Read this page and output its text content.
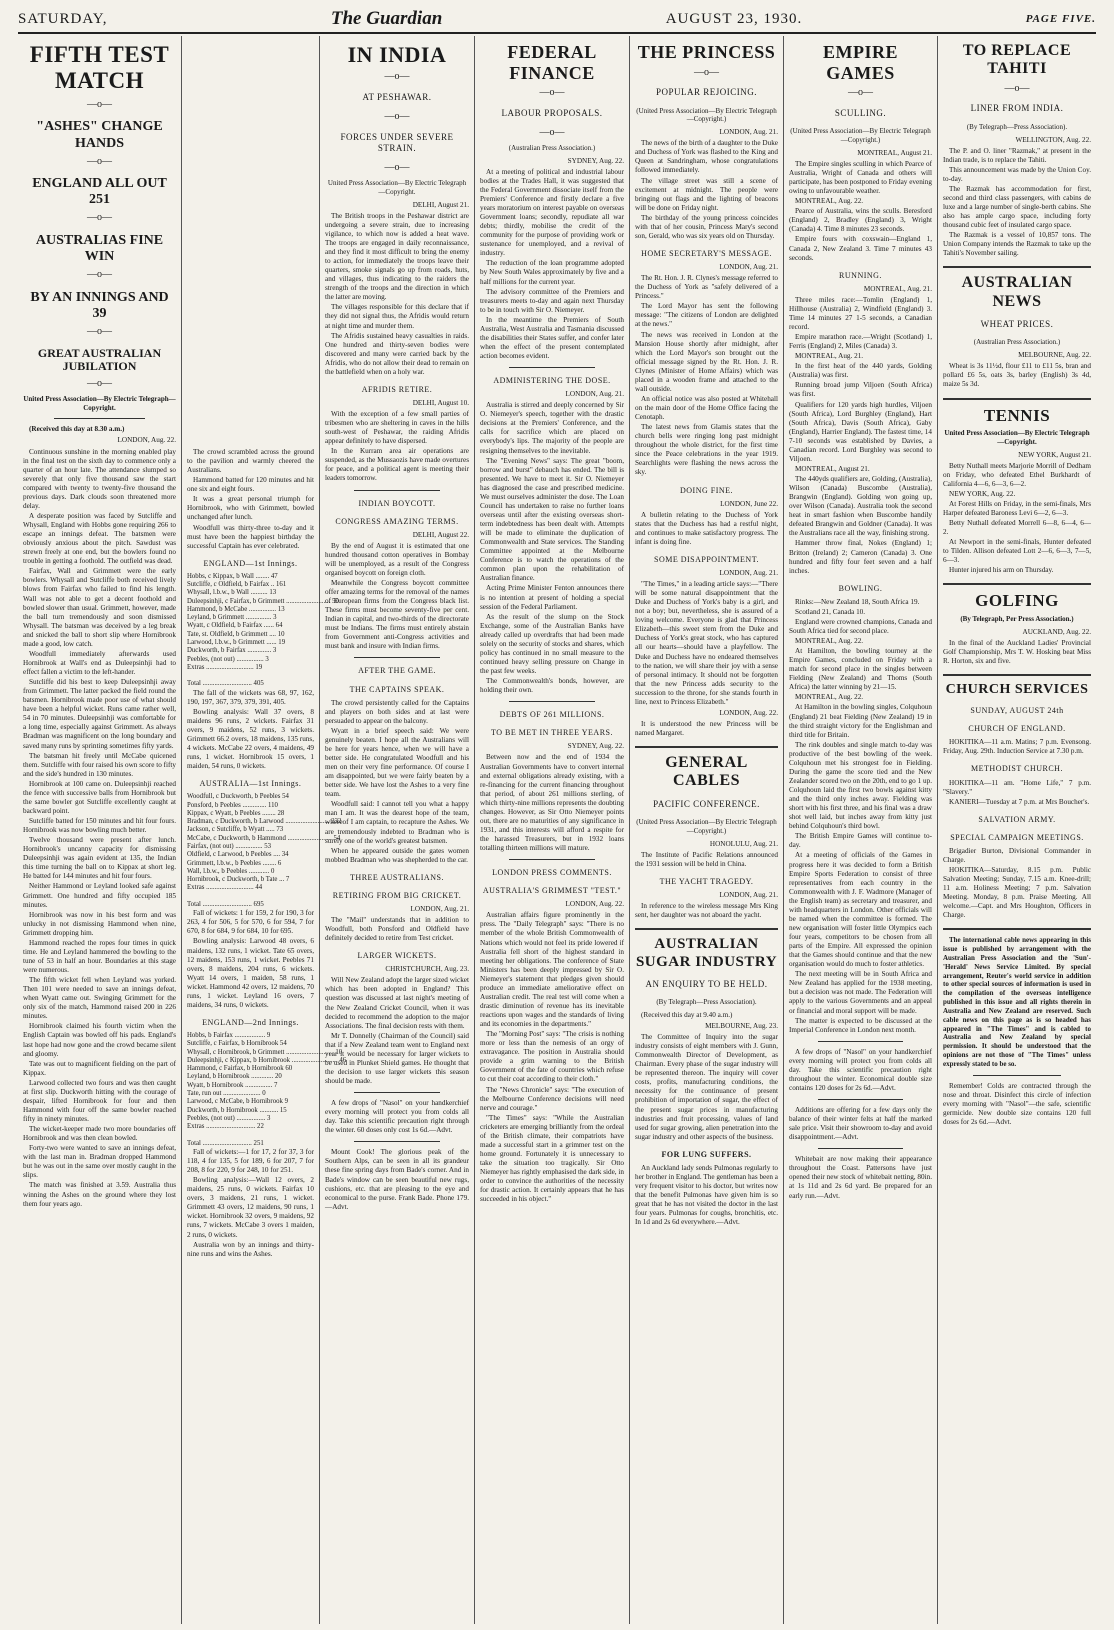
SATURDAY,	The Guardian	AUGUST 23, 1930.	PAGE FIVE.
FIFTH TEST MATCH
—o—
"ASHES" CHANGE HANDS
—o—
ENGLAND ALL OUT 251
—o—
AUSTRALIAS FINE WIN
—o—
BY AN INNINGS AND 39
—o—
GREAT AUSTRALIAN JUBILATION
—o—
United Press Association—By Electric Telegraph—Copyright.

(Received this day at 8.30 a.m.)

LONDON, Aug. 22.

Continuous sunshine in the morning enabled play in the final test on the sixth day to commence only a quarter of an hour late. The attendance slumped so severely that only five thousand saw the start compared with twenty to twenty-five thousand the previous days. Dark clouds soon threatened more delay.

A desperate position was faced by Sutcliffe and Whysall, England with Hobbs gone requiring 266 to escape an innings defeat. The batsmen were obviously anxious about the pitch. Sawdust was strewn freely at one end, but the bowlers found no trouble in getting a foothold. The outfield was dead.

Fairfax, Wall and Grimmett were the early bowlers. Whysall and Sutcliffe both received lively blows from Fairfax who failed to find his length. Wall was not able to get a decent foothold and bowled slower than usual. Grimmett, however, made the ball turn tremendously and soon dismissed Whysall. The batsman was deceived by a leg break and snicked the ball to short slip where Hornibrook made a good, low catch.

Woodfull immediately afterwards used Hornibrook at Wall's end as Duleepsinhji had to effect fallen a victim to the left-hander.

Sutcliffe did his best to keep Duleepsinhji away from Grimmett. The latter packed the field round the batsmen. Hornibrook made poor use of what should have been a helpful wicket. Runs came rather well, 54 in 70 minutes. Duleepsinhji was comfortable for a long time, especially against Grimmett. As always Bradman was magnificent on the long boundary and saved many runs by sprinting sometimes fifty yards.

The batsman hit freely until McCabe quicened them. Sutcliffe with four raised his own score to fifty and the side's hundred in 130 minutes.

Hornibrook at 100 came on. Duleepsinhji reached the fence with successive balls from Hornibrook but the same bowler got Sutcliffe excellently caught at backward point.

Sutcliffe batted for 150 minutes and hit four fours. Hornibrook was now bowling much better.

Twelve thousand were present after lunch. Hornibrook's uncanny capacity for dismissing Duleepsinhji was again evident at 135, the Indian this time turning the ball on to Kippax at short leg. He batted for 144 minutes and hit four fours.

Neither Hammond or Leyland looked safe against Grimmett. One hundred and fifty occupied 185 minutes.

Hornibrook was now in his best form and was unlucky in not dismissing Hammond when nine, Grimmett dropping him.

Hammond reached the ropes four times in quick time. He and Leyland hammered the bowling to the tune of 53 in half an hour. Boundaries at this stage were numerous.

The fifth wicket fell when Leyland was yorked. Then 101 were needed to save an innings defeat, when Wyatt came out. Swinging Grimmett for the only six of the match, Hammond raised 200 in 226 minutes.

Hornibrook claimed his fourth victim when the English Captain was bowled off his pads. England's last hope had now gone and the crowd became silent and gloomy.

Tate was out to magnificent fielding on the part of Kippax.

Larwood collected two fours and was then caught at first slip. Duckworth hitting with the courage of despair, lifted Hornibrook for four and then Hammond with four off the same bowler reached fifty in ninety minutes.

The wicket-keeper made two more boundaries off Hornibrook and was then clean bowled.

Forty-two were wanted to save an innings defeat, with the last man in. Bradman dropped Hammond but he was out in the same over mostly caught in the slips.

The match was finished at 3.59. Australia thus winning the Ashes on the ground where they lost them four years ago.

The crowd scrambled across the ground to the pavilion and warmly cheered the Australians.

Hammond batted for 120 minutes and hit one six and eight fours.

It was a great personal triumph for Hornibrook, who with Grimmett, bowled unchanged after lunch.

Woodfull was thirty-three to-day and it must have been the happiest birthday the successful Captain has ever celebrated.

ENGLAND—1st Innings.
Hobbs, c Kippax, b Wall ........ 47
Sutcliffe, c Oldfield, b Fairfax .. 161
Whysall, l.b.w., b Wall .......... 13
Duleepsinhji, c Fairfax, b Grimmett .......................... 50
Hammond, b McCabe ................ 13
Leyland, b Grimmett ............... 3
Wyatt, c Oldfield, b Fairfax ...... 64
Tate, st. Oldfield, b Grimmett .... 10
Larwood, l.b.w., b Grimmett ...... 19
Duckworth, b Fairfax .............. 3
Peebles, (not out) ................ 3
Extras ............................ 19

Total ............................. 405

The fall of the wickets was 68, 97, 162, 190, 197, 367, 379, 379, 391, 405.

Bowling analysis: Wall 37 overs, 8 maidens 96 runs, 2 wickets. Fairfax 31 overs, 9 maidens, 52 runs, 3 wickets. Grimmett 66.2 overs, 18 maidens, 135 runs, 4 wickets. McCabe 22 overs, 4 maidens, 49 runs, 1 wicket. Hornibrook 15 overs, 1 maiden, 54 runs, 0 wickets.

AUSTRALIA—1st Innings.
Woodfull, c Duckworth, b Peebles 54
Ponsford, b Peebles .............. 110
Kippax, c Wyatt, b Peebles ........ 28
Bradman, c Duckworth, b Larwood .......................... 232
Jackson, c Sutcliffe, b Wyatt ..... 73
McCabe, c Duckworth, b Hammond .......................... 54
Fairfax, (not out) ................ 53
Oldfield, c Larwood, b Peebles .... 34
Grimmett, l.b.w., b Peebles ........ 6
Wall, l.b.w., b Peebles ............ 0
Hornibrook, c Duckworth, b Tate ... 7
Extras ............................ 44

Total ............................. 695

Fall of wickets: 1 for 159, 2 for 190, 3 for 263, 4 for 506, 5 for 570, 6 for 594, 7 for 670, 8 for 684, 9 for 684, 10 for 695.

Bowling analysis: Larwood 48 overs, 6 maidens, 132 runs, 1 wicket. Tate 65 overs, 12 maidens, 153 runs, 1 wicket. Peebles 71 overs, 8 maidens, 204 runs, 6 wickets. Wyatt 14 overs, 1 maiden, 58 runs, 1 wicket. Hammond 42 overs, 12 maidens, 70 runs, 1 wicket. Leyland 16 overs, 7 maidens, 34 runs, 0 wickets.

ENGLAND—2nd Innings.
Hobbs, b Fairfax .................. 9
Sutcliffe, c Fairfax, b Hornibrook 54
Whysall, c Hornibrook, b Grimmett ............................ 10
Duleepsinhji, c Kippax, b Hornibrook ........................... 46
Hammond, c Fairfax, b Hornibrook 60
Leyland, b Hornibrook ............. 20
Wyatt, b Hornibrook ................ 7
Tate, run out ...................... 0
Larwood, c McCabe, b Hornibrook 9
Duckworth, b Hornibrook ........... 15
Peebles, (not out) ................. 3
Extras ............................. 22

Total ............................. 251

Fall of wickets:—1 for 17, 2 for 37, 3 for 118, 4 for 135, 5 for 189, 6 for 207, 7 for 208, 8 for 220, 9 for 248, 10 for 251.

Bowling analysis:—Wall 12 overs, 2 maidens, 25 runs, 0 wickets. Fairfax 10 overs, 3 maidens, 21 runs, 1 wicket. Grimmett 43 overs, 12 maidens, 90 runs, 1 wicket. Hornibrook 32 overs, 9 maidens, 92 runs, 7 wickets. McCabe 3 overs 1 maiden, 2 runs, 0 wickets.

Australia won by an innings and thirty-nine runs and wins the Ashes.

IN INDIA
—o—
AT PESHAWAR.
—o—
FORCES UNDER SEVERE STRAIN.
—o—
United Press Association—By Electric Telegraph—Copyright.
DELHI, August 21.

The British troops in the Peshawar district are undergoing a severe strain, due to increasing vigilance, to which now is added a heat wave. The troops are engaged in daily reconnaissance, and they find it most difficult to bring the enemy to action, for immediately the troops leave their quarters, smoke signals go up from roads, huts, and villages, thus indicating to the raiders the strength of the troops and the direction in which the latter are moving.

The villages responsible for this declare that if they did not signal thus, the Afridis would return at night time and murder them.

The Afridis sustained heavy casualties in raids. One hundred and thirty-seven bodies were discovered and many were carried back by the Afridis, who do not allow their dead to remain on the battlefield when on a holy war.

AFRIDIS RETIRE.
DELHI, August 10.

With the exception of a few small parties of tribesmen who are sheltering in caves in the hills south-west of Peshawar, the raiding Afridis appear definitely to have dispersed.

In the Kurram area air operations are suspended, as the Mussaozis have made overtures for peace, and a political agent is meeting their leaders tomorrow.

INDIAN BOYCOTT.
CONGRESS AMAZING TERMS.
DELHI, August 22.

By the end of August it is estimated that one hundred thousand cotton operatives in Bombay will be unemployed, as a result of the Congress organised boycott on foreign cloth.

Meanwhile the Congress boycott committee offer amazing terms for the removal of the names of European firms from the Congress black list. These firms must become seventy-five per cent. Indian in capital, and two-thirds of the directorate must be Indians. The firms must entirely abstain from Government anti-Congress activities and must bank and insure with Indian firms.

AFTER THE GAME.
THE CAPTAINS SPEAK.

The crowd persistently called for the Captains and players on both sides and at last were persuaded to appear on the balcony.

Wyatt in a brief speech said: We were genuinely beaten. I hope all the Australians will be here for years hence, when we will have a better side. He congratulated Woodfull and his men on their very fine performance. Of course I am disappointed, but we were fairly beaten by a better side. We have lost the Ashes to a very fine team.

Woodfull said: I cannot tell you what a happy man I am. It was the dearest hope of the team, whereof I am captain, to recapture the Ashes. We are tremendously indebted to Bradman who is surely one of the world's greatest batsmen.

When he appeared outside the gates women mobbed Bradman who was shepherded to the car.

THREE AUSTRALIANS.
RETIRING FROM BIG CRICKET.
LONDON, Aug. 21.

The "Mail" understands that in addition to Woodfull, both Ponsford and Oldfield have definitely decided to retire from Test cricket.

LARGER WICKETS.
CHRISTCHURCH, Aug. 23.

Will New Zealand adopt the larger sized wicket which has been adopted in England? This question was discussed at last night's meeting of the New Zealand Cricket Council, when it was decided to recommend the adoption to the major Associations. The final decision rests with them.

Mr T. Donnelly (Chairman of the Council) said that if a New Zealand team went to England next year it would be necessary for larger wickets to be used in Plunket Shield games. He thought that the decision to use larger wickets this season should be made.

A few drops of "Nasol" on your handkerchief every morning will protect you from colds all day. Take this scientific precaution right through the winter. 60 doses only cost 1s 6d.—Advt.

Mount Cook! The glorious peak of the Southern Alps, can be seen in all its grandeur these fine spring days from Bade's corner. And in Bade's window can be seen beautiful new rugs, cushions, etc. that are pleasing to the eye and economical to the purse. Frank Bade. Phone 179.—Advt.

FEDERAL FINANCE
—o—
LABOUR PROPOSALS.
—o—
(Australian Press Association.)
SYDNEY, Aug. 22.

At a meeting of political and industrial labour bodies at the Trades Hall, it was suggested that the Federal Government dissociate itself from the Premiers' Conference and firstly declare a five years moratorium on interest payable on overseas Government loans; secondly, repudiate all war debts; thirdly, mobilise the credit of the community for the purpose of providing work or sustenance for unemployed, and a revival of industry.

The reduction of the loan programme adopted by New South Wales approximately by five and a half millions for the current year.

The advisory committee of the Premiers and treasurers meets to-day and again next Thursday to be in touch with Sir O. Niemeyer.

In the meantime the Premiers of South Australia, West Australia and Tasmania discussed the disabilities their States suffer, and confer later when the effect of the present contemplated action becomes evident.

ADMINISTERING THE DOSE.
LONDON, Aug. 21.

Australia is stirred and deeply concerned by Sir O. Niemeyer's speech, together with the drastic decisions at the Premiers' Conference, and the calls for sacrifice which are placed on everybody's lips. The majority of the people are resigning themselves to the inevitable.

The "Evening News" says: The great "boom, borrow and burst" debauch has ended. The bill is presented. We have to meet it. Sir O. Niemeyer has diagnosed the case and prescribed medicine. We must ourselves administer the dose. The Loan Council has undertaken to raise no further loans overseas until after the existing overseas short-term indebtedness has been dealt with. Attempts will be made to eliminate the duplication of Commonwealth and State services. The Standing Committee appointed at the Melbourne Conference is to watch the operations of the common plan upon the rehabilitation of Australian finance.

Acting Prime Minister Fenton announces there is no intention at present of holding a special session of the Federal Parliament.

As the result of the slump on the Stock Exchange, some of the Australian Banks have already called up overdrafts that had been made solely on the security of stocks and shares, which policy has continued in no small measure to the continued heavy selling pressure on Change in the past few weeks.

The Commonwealth's bonds, however, are holding their own.

DEBTS OF 261 MILLIONS.
TO BE MET IN THREE YEARS.
SYDNEY, Aug. 22.

Between now and the end of 1934 the Australian Governments have to convert internal and external obligations already existing, with a re-financing for the current financing throughout that period, of about 261 millions sterling, of which thirty-nine millions represents the doubting changes. However, as Sir Otto Niemeyer points out, there are no maturities of any significance in 1931, and this interests will afford a respite for the harassed Treasurers, but in 1932 loans totalling thirteen millions will mature.

LONDON PRESS COMMENTS.
AUSTRALIA'S GRIMMEST "TEST."
LONDON, Aug. 22.

Australian affairs figure prominently in the press. The "Daily Telegraph" says: "There is no member of the whole British Commonwealth of Nations which would not feel its pride lowered if Australia fell short of the highest standard in meeting her obligations. The conference of State Ministers has been deeply impressed by Sir O. Niemeyer's statement that pledges given should produce an immediate ameliorative effect on Australian credit. The real test will come when a drastic diminution of revenue has its inevitable reactions upon wages and the standards of living and its economies in the departments."

The "Morning Post" says: "The crisis is nothing more or less than the nemesis of an orgy of extravagance. The position in Australia should provide a grim warning to the British Government of the fate of countries which refuse to cut their coat according to their cloth."

The "News Chronicle" says: "The execution of the Melbourne Conference decisions will need nerve and courage."

"The Times" says: "While the Australian cricketers are emerging brilliantly from the ordeal of the British climate, their compatriots have made a successful start in a grimmer test on the home ground. Fortunately it is unnecessary to take the situation too tragically. Sir Otto Niemeyer has rightly emphasised the dark side, in order to convince the authorities of the necessity for drastic action. It certainly appears that he has succeeded in his object."

THE PRINCESS
—o—
POPULAR REJOICING.
(United Press Association—By Electric Telegraph—Copyright.)
LONDON, Aug. 21.

The news of the birth of a daughter to the Duke and Duchess of York was flashed to the King and Queen at Sandringham, whose congratulations followed immediately.

The village street was still a scene of excitement at midnight. The people were bringing out flags and the lighting of beacons will be done on Friday night.

The birthday of the young princess coincides with that of her cousin, Princess Mary's second son, Gerald, who was six years old on Thursday.

HOME SECRETARY'S MESSAGE.
LONDON, Aug. 21.

The Rt. Hon. J. R. Clynes's message referred to the Duchess of York as "safely delivered of a Princess."

The Lord Mayor has sent the following message: "The citizens of London are delighted at the news."

The news was received in London at the Mansion House shortly after midnight, after which the Lord Mayor's son brought out the official message signed by the Rt. Hon. J. R. Clynes (Minister of Home Affairs) which was placed in a wooden frame and attached to the wall outside.

An official notice was also posted at Whitehall on the main door of the Home Office facing the Cenotaph.

The latest news from Glamis states that the church bells were ringing long past midnight throughout the whole district, for the first time since the Peace celebrations in the year 1919. Searchlights were flashing the news across the sky.

DOING FINE.
LONDON, June 22.

A bulletin relating to the Duchess of York states that the Duchess has had a restful night, and continues to make satisfactory progress. The infant is doing fine.

SOME DISAPPOINTMENT.
LONDON, Aug. 21.

"The Times," in a leading article says:—"There will be some natural disappointment that the Duke and Duchess of York's baby is a girl, and not a boy; but, nevertheless, she is assured of a loving welcome. Everyone is glad that Princess Elizabeth—this sweet stem from the Duke and Duchess of York's great stock, who has captured all our hearts—should have a playfellow. The Duke and Duchess have no endeared themselves to the nation, we will share their joy with a sense of personal intimacy. It should not be forgotten that the new Princess adds security to the succession to the throne, for she stands fourth in line, next to Princess Elizabeth."

LONDON, Aug. 22.

It is understood the new Princess will be named Margaret.

GENERAL CABLES
PACIFIC CONFERENCE.
(United Press Association—By Electric Telegraph—Copyright.)
HONOLULU, Aug. 21.

The Institute of Pacific Relations announced the 1931 session will be held in China.

THE YACHT TRAGEDY.
LONDON, Aug. 21.

In reference to the wireless message Mrs King sent, her daughter was not aboard the yacht.

AUSTRALIAN SUGAR INDUSTRY
AN ENQUIRY TO BE HELD.
(By Telegraph—Press Association).

(Received this day at 9.40 a.m.)

MELBOURNE, Aug. 23.

The Committee of Inquiry into the sugar industry consists of eight members with J. Gunn, Commonwealth Director of Development, as Chairman. Every phase of the sugar industry will be represented thereon. The inquiry will cover costs, profits, manufacturing conditions, the necessity for the continuance of present prohibition of importation of sugar, the effect of the present sugar prices in manufacturing industries and fruit processing, values of land used for sugar growing, alien penetration into the sugar industry and other aspects of the business.

FOR LUNG SUFFERS.

An Auckland lady sends Pulmonas regularly to her brother in England. The gentleman has been a very frequent visitor to his doctor, but writes now that the benefit Pulmonas have given him is so great that he has not visited the doctor in the last four years. Pulmonas for coughs, bronchitis, etc. In 1d and 2s 6d everywhere.—Advt.

EMPIRE GAMES
—o—
SCULLING.
(United Press Association—By Electric Telegraph—Copyright.)
MONTREAL, August 21.

The Empire singles sculling in which Pearce of Australia, Wright of Canada and others will participate, has been postponed to Friday evening owing to unfavourable weather.

MONTREAL, Aug. 22.

Pearce of Australia, wins the sculls. Beresford (England) 2, Bradley (England) 3, Wright (Canada) 4. Time 8 minutes 23 seconds.

Empire fours with coxswain—England 1, Canada 2, New Zealand 3. Time 7 minutes 43 seconds.

RUNNING.
MONTREAL, Aug. 21.

Three miles race:—Tomlin (England) 1, Hillhouse (Australia) 2, Windfield (England) 3. Time 14 minutes 27 1-5 seconds, a Canadian record.

Empire marathon race.—Wright (Scotland) 1, Ferris (England) 2, Miles (Canada) 3.

MONTREAL, Aug. 21.

In the first heat of the 440 yards, Golding (Australia) was first.

Running broad jump Viljoen (South Africa) was first.

Qualifiers for 120 yards high hurdles, Viljoen (South Africa), Lord Burghley (England), Hart (South Africa), Davis (South Africa), Gaby (England), Harrier England). The fastest time, 14 7-10 seconds was established by Davies, a Canadian record. Lord Burghley was second to Viljoen.

MONTREAL, August 21.

The 440yds qualifiers are, Golding, (Australia), Wilson (Canada) Buscombe (Australia), Brangwin (England). Golding won going up, over Wilson (Canada). Australia took the second heat in smart fashion when Buscombe handily defeated Brangwin and Goldner (Canada). It was the Australians race all the way, finishing strong.

Hammer throw final, Nokes (England) 1; Britton (Ireland) 2; Cameron (Canada) 3. One hundred and fifty four feet seven and a half inches.

BOWLING.

Rinks:—New Zealand 18, South Africa 19.

Scotland 21, Canada 10.

England were crowned champions, Canada and South Africa tied for second place.

MONTREAL, Aug. 22.

At Hamilton, the bowling tourney at the Empire Games, concluded on Friday with a match for second place in the singles between Fielding (New Zealand) and Thoms (South Africa) the latter winning by 21—15.

MONTREAL, Aug. 22.

At Hamilton in the bowling singles, Colquhoun (England) 21 beat Fielding (New Zealand) 19 in the third straight victory for the Englishman and third title for Britain.

The rink doubles and single match to-day was productive of the best bowling of the week. Colquhoun met his strongest foe in Fielding. During the game the score tied and the New Zealander scored two on the 20th, end to go 1 up. Colquhoun laid the first two bowls against kitty and the third only inches away. Fielding was short with his first three, and his final was a draw shot well laid, but inches away from kitty just behind Colquhoun's third bowl.

The British Empire Games will continue to-day.

At a meeting of officials of the Games in progress here it was decided to form a British Empire Sports Federation to consist of three representatives from each country in the Commonwealth with J. F. Wadmore (Manager of the English team) as secretary and treasurer, and with headquarters in London. Other officials will be named when the committee is formed. The new organisation will foster little Olympics each four years, competitors to be chosen from all parts of the Empire. All expressed the opinion that the Games should continue and that the new organisation would do much to foster athletics.

The next meeting will be in South Africa and New Zealand has applied for the 1938 meeting, but a decision was not made. The Federation will apply to the various Governments and an appeal or financial and moral support will be made.

The matter is expected to be discussed at the Imperial Conference in London next month.

A few drops of "Nasol" on your handkerchief every morning will protect you from colds all day. Take this scientific precaution right throughout the winter. Economical double size contains 120 doses for 2s 6d.—Advt.

Additions are offering for a few days only the balance of their winter felts at half the marked sale price. Visit their showroom to-day and avoid disappointment.—Advt.

Whitebait are now making their appearance throughout the Coast. Pattersons have just opened their new stock of whitebait netting, 80in. at 1s 11d and 2s 6d yard. Be prepared for an early run.—Advt.

TO REPLACE TAHITI
—o—
LINER FROM INDIA.
(By Telegraph—Press Association).
WELLINGTON, Aug. 22.

The P. and O. liner "Razmak," at present in the Indian trade, is to replace the Tahiti.

This announcement was made by the Union Coy. to-day.

The Razmak has accommodation for first, second and third class passengers, with cabins de luxe and a large number of single-berth cabins. She also has ample cargo space, including forty thousand cubic feet of insulated cargo space.

The Razmak is a vessel of 10,857 tons. The Union Company intends the Razmak to take up the Tahiti's November sailing.

AUSTRALIAN NEWS
WHEAT PRICES.
(Australian Press Association.)
MELBOURNE, Aug. 22.

Wheat is 3s 11½d, flour £11 to £11 5s, bran and pollard £6 5s, oats 3s, barley (English) 3s 4d, maize 5s 3d.

TENNIS
United Press Association—By Electric Telegraph—Copyright.
NEW YORK, August 21.

Betty Nuthall meets Marjorie Morrill of Dedham on Friday, who defeated Ethel Burkhardt of California 4—6, 6—3, 6—2.

NEW YORK, Aug. 22.

At Forest Hills on Friday, in the semi-finals, Mrs Harper defeated Baroness Levi 6—2, 6—3.

Betty Nuthall defeated Morrell 6—8, 6—4, 6—2.

At Newport in the semi-finals, Hunter defeated to Tilden. Allison defeated Lott 2—6, 6—3, 7—5, 6—3.

Hunter injured his arm on Thursday.

GOLFING
(By Telegraph, Per Press Association.)
AUCKLAND, Aug. 22.

In the final of the Auckland Ladies' Provincial Golf Championship, Mrs T. W. Hosking beat Miss R. Horton, six and five.

CHURCH SERVICES
SUNDAY, AUGUST 24th
CHURCH OF ENGLAND.

HOKITIKA—11 a.m. Matins; 7 p.m. Evensong. Friday, Aug. 29th. Induction Service at 7.30 p.m.

METHODIST CHURCH.

HOKITIKA—11 am. "Home Life," 7 p.m. "Slavery."

KANIERI—Tuesday at 7 p.m. at Mrs Boucher's.

SALVATION ARMY.
SPECIAL CAMPAIGN MEETINGS.

Brigadier Burton, Divisional Commander in Charge.

HOKITIKA—Saturday, 8.15 p.m. Public Salvation Meeting; Sunday, 7.15 a.m. Knee-drill; 11 a.m. Holiness Meeting; 7 p.m. Salvation Meeting. Monday, 8 p.m. Praise Meeting. All welcome.—Capt. and Mrs Houghton, Officers in Charge.

The international cable news appearing in this issue is published by arrangement with the Australian Press Association and the 'Sun'-'Herald' News Service Limited. By special arrangement, Reuter's world service in addition to other special sources of information is used in the compilation of the overseas intelligence published in this issue and all rights therein in Australia and New Zealand are reserved. Such cable news on this page as is so headed has appeared in "The Times" and is cabled to Australia and New Zealand by special permission. It should be understood that the opinions are not those of "The Times" unless expressly stated to be so.

Remember! Colds are contracted through the nose and throat. Disinfect this circle of infection every morning with "Nasol"—the safe, scientific germicide. New double size contains 120 full doses for 2s 6d.—Advt.
